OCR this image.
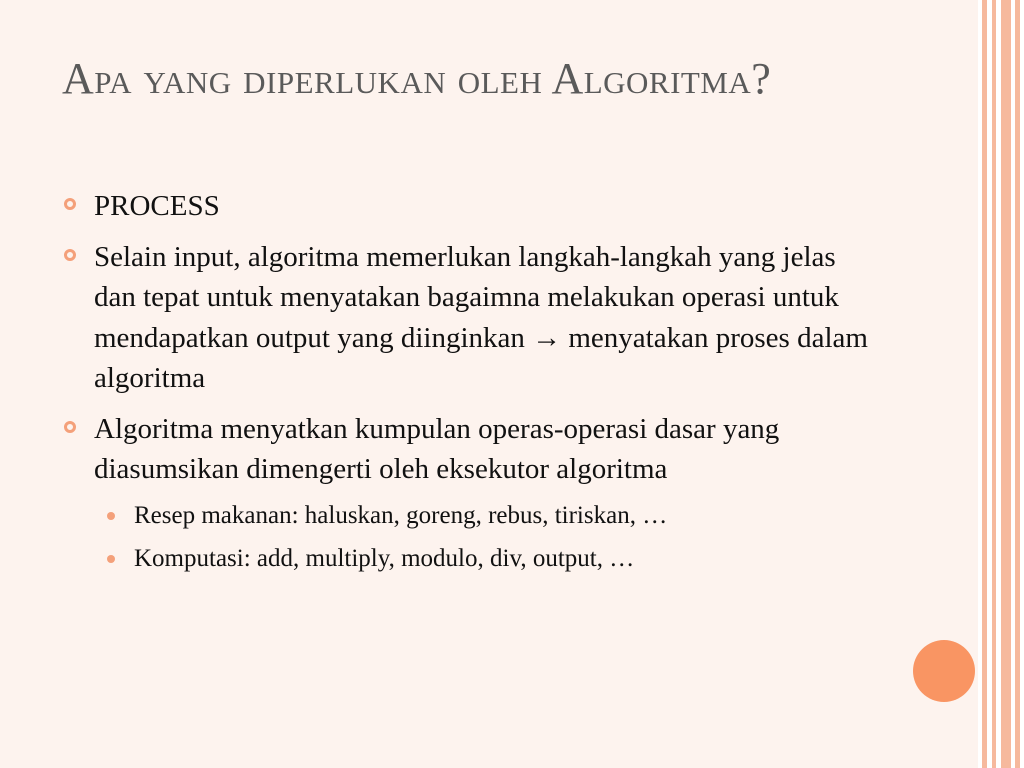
Apa yang diperlukan oleh Algoritma?
PROCESS
Selain input, algoritma memerlukan langkah-langkah yang jelas dan tepat untuk menyatakan bagaimna melakukan operasi untuk mendapatkan output yang diinginkan → menyatakan proses dalam algoritma
Algoritma menyatkan kumpulan operas-operasi dasar yang diasumsikan dimengerti oleh eksekutor algoritma
Resep makanan: haluskan, goreng, rebus, tiriskan, …
Komputasi: add, multiply, modulo, div, output, …
